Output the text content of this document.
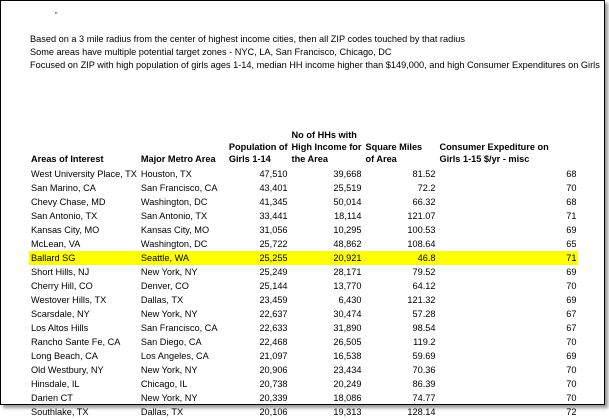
"
Based on a 3 mile radius from the center of highest income cities, then all ZIP codes touched by that radius
Some areas have multiple potential target zones - NYC, LA, San Francisco, Chicago, DC
Focused on ZIP with high population of girls ages 1-14, median HH income higher than $149,000, and high Consumer Expenditures on Girls
Areas of Interest	Major Metro Area	Population of
Girls 1-14	No of HHs with
High Income for
the Area	Square Miles
of Area	Consumer Expediture on
Girls 1-15 $/yr - misc
West University Place, TX	Houston, TX	47,510	39,668	81.52	68
San Marino, CA	San Francisco, CA	43,401	25,519	72.2	70
Chevy Chase, MD	Washington, DC	41,345	50,014	66.32	68
San Antonio, TX	San Antonio, TX	33,441	18,114	121.07	71
Kansas City, MO	Kansas City, MO	31,056	10,295	100.53	69
McLean, VA	Washington, DC	25,722	48,862	108.64	65
Ballard SG	Seattle, WA	25,255	20,921	46.8	71
Short Hills, NJ	New York, NY	25,249	28,171	79.52	69
Cherry Hill, CO	Denver, CO	25,144	13,770	64.12	70
Westover Hills, TX	Dallas, TX	23,459	6,430	121.32	69
Scarsdale, NY	New York, NY	22,637	30,474	57.28	67
Los Altos Hills	San Francisco, CA	22,633	31,890	98.54	67
Rancho Sante Fe, CA	San Diego, CA	22,468	26,505	119.2	70
Long Beach, CA	Los Angeles, CA	21,097	16,538	59.69	69
Old Westbury, NY	New York, NY	20,906	23,434	70.36	70
Hinsdale, IL	Chicago, IL	20,738	20,249	86.39	70
Darien CT	New York, NY	20,339	18,086	74.77	70
Southlake, TX	Dallas, TX	20,106	19,313	128.14	72
